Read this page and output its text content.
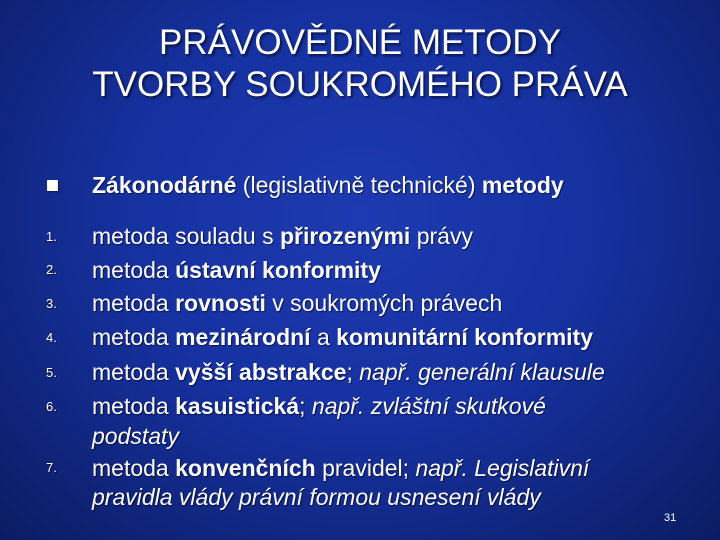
PRÁVOVĚDNÉ METODY
TVORBY SOUKROMÉHO PRÁVA
Zákonodárné (legislativně technické) metody
1. metoda souladu s přirozenými právy
2. metoda ústavní konformity
3. metoda rovnosti v soukromých právech
4. metoda mezinárodní a komunitární konformity
5. metoda vyšší abstrakce; např. generální klausule
6. metoda kasuistická; např. zvláštní skutkové
podstaty
7. metoda konvenčních pravidel; např. Legislativní
pravidla vlády právní formou usnesení vlády
31
